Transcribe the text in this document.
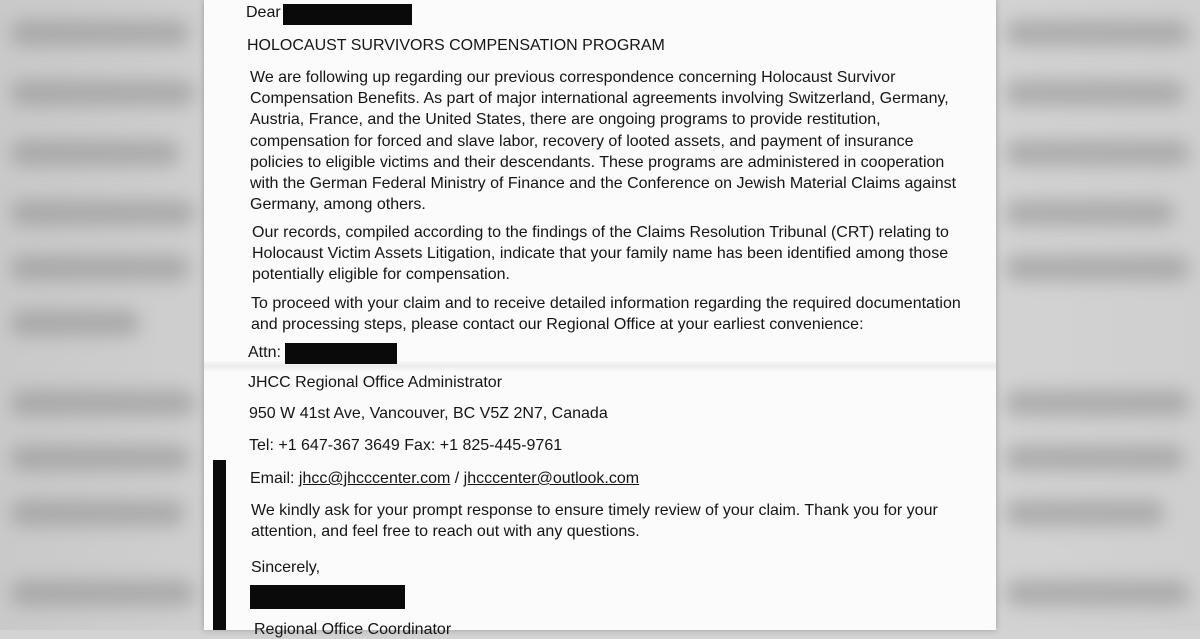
Dear
HOLOCAUST SURVIVORS COMPENSATION PROGRAM
We are following up regarding our previous correspondence concerning Holocaust Survivor
Compensation Benefits. As part of major international agreements involving Switzerland, Germany,
Austria, France, and the United States, there are ongoing programs to provide restitution,
compensation for forced and slave labor, recovery of looted assets, and payment of insurance
policies to eligible victims and their descendants. These programs are administered in cooperation
with the German Federal Ministry of Finance and the Conference on Jewish Material Claims against
Germany, among others.
Our records, compiled according to the findings of the Claims Resolution Tribunal (CRT) relating to
Holocaust Victim Assets Litigation, indicate that your family name has been identified among those
potentially eligible for compensation.
To proceed with your claim and to receive detailed information regarding the required documentation
and processing steps, please contact our Regional Office at your earliest convenience:
Attn:
JHCC Regional Office Administrator
950 W 41st Ave, Vancouver, BC V5Z 2N7, Canada
Tel: +1 647-367 3649 Fax: +1 825-445-9761
Email: jhcc@jhcccenter.com / jhcccenter@outlook.com
We kindly ask for your prompt response to ensure timely review of your claim. Thank you for your
attention, and feel free to reach out with any questions.
Sincerely,
Regional Office Coordinator
